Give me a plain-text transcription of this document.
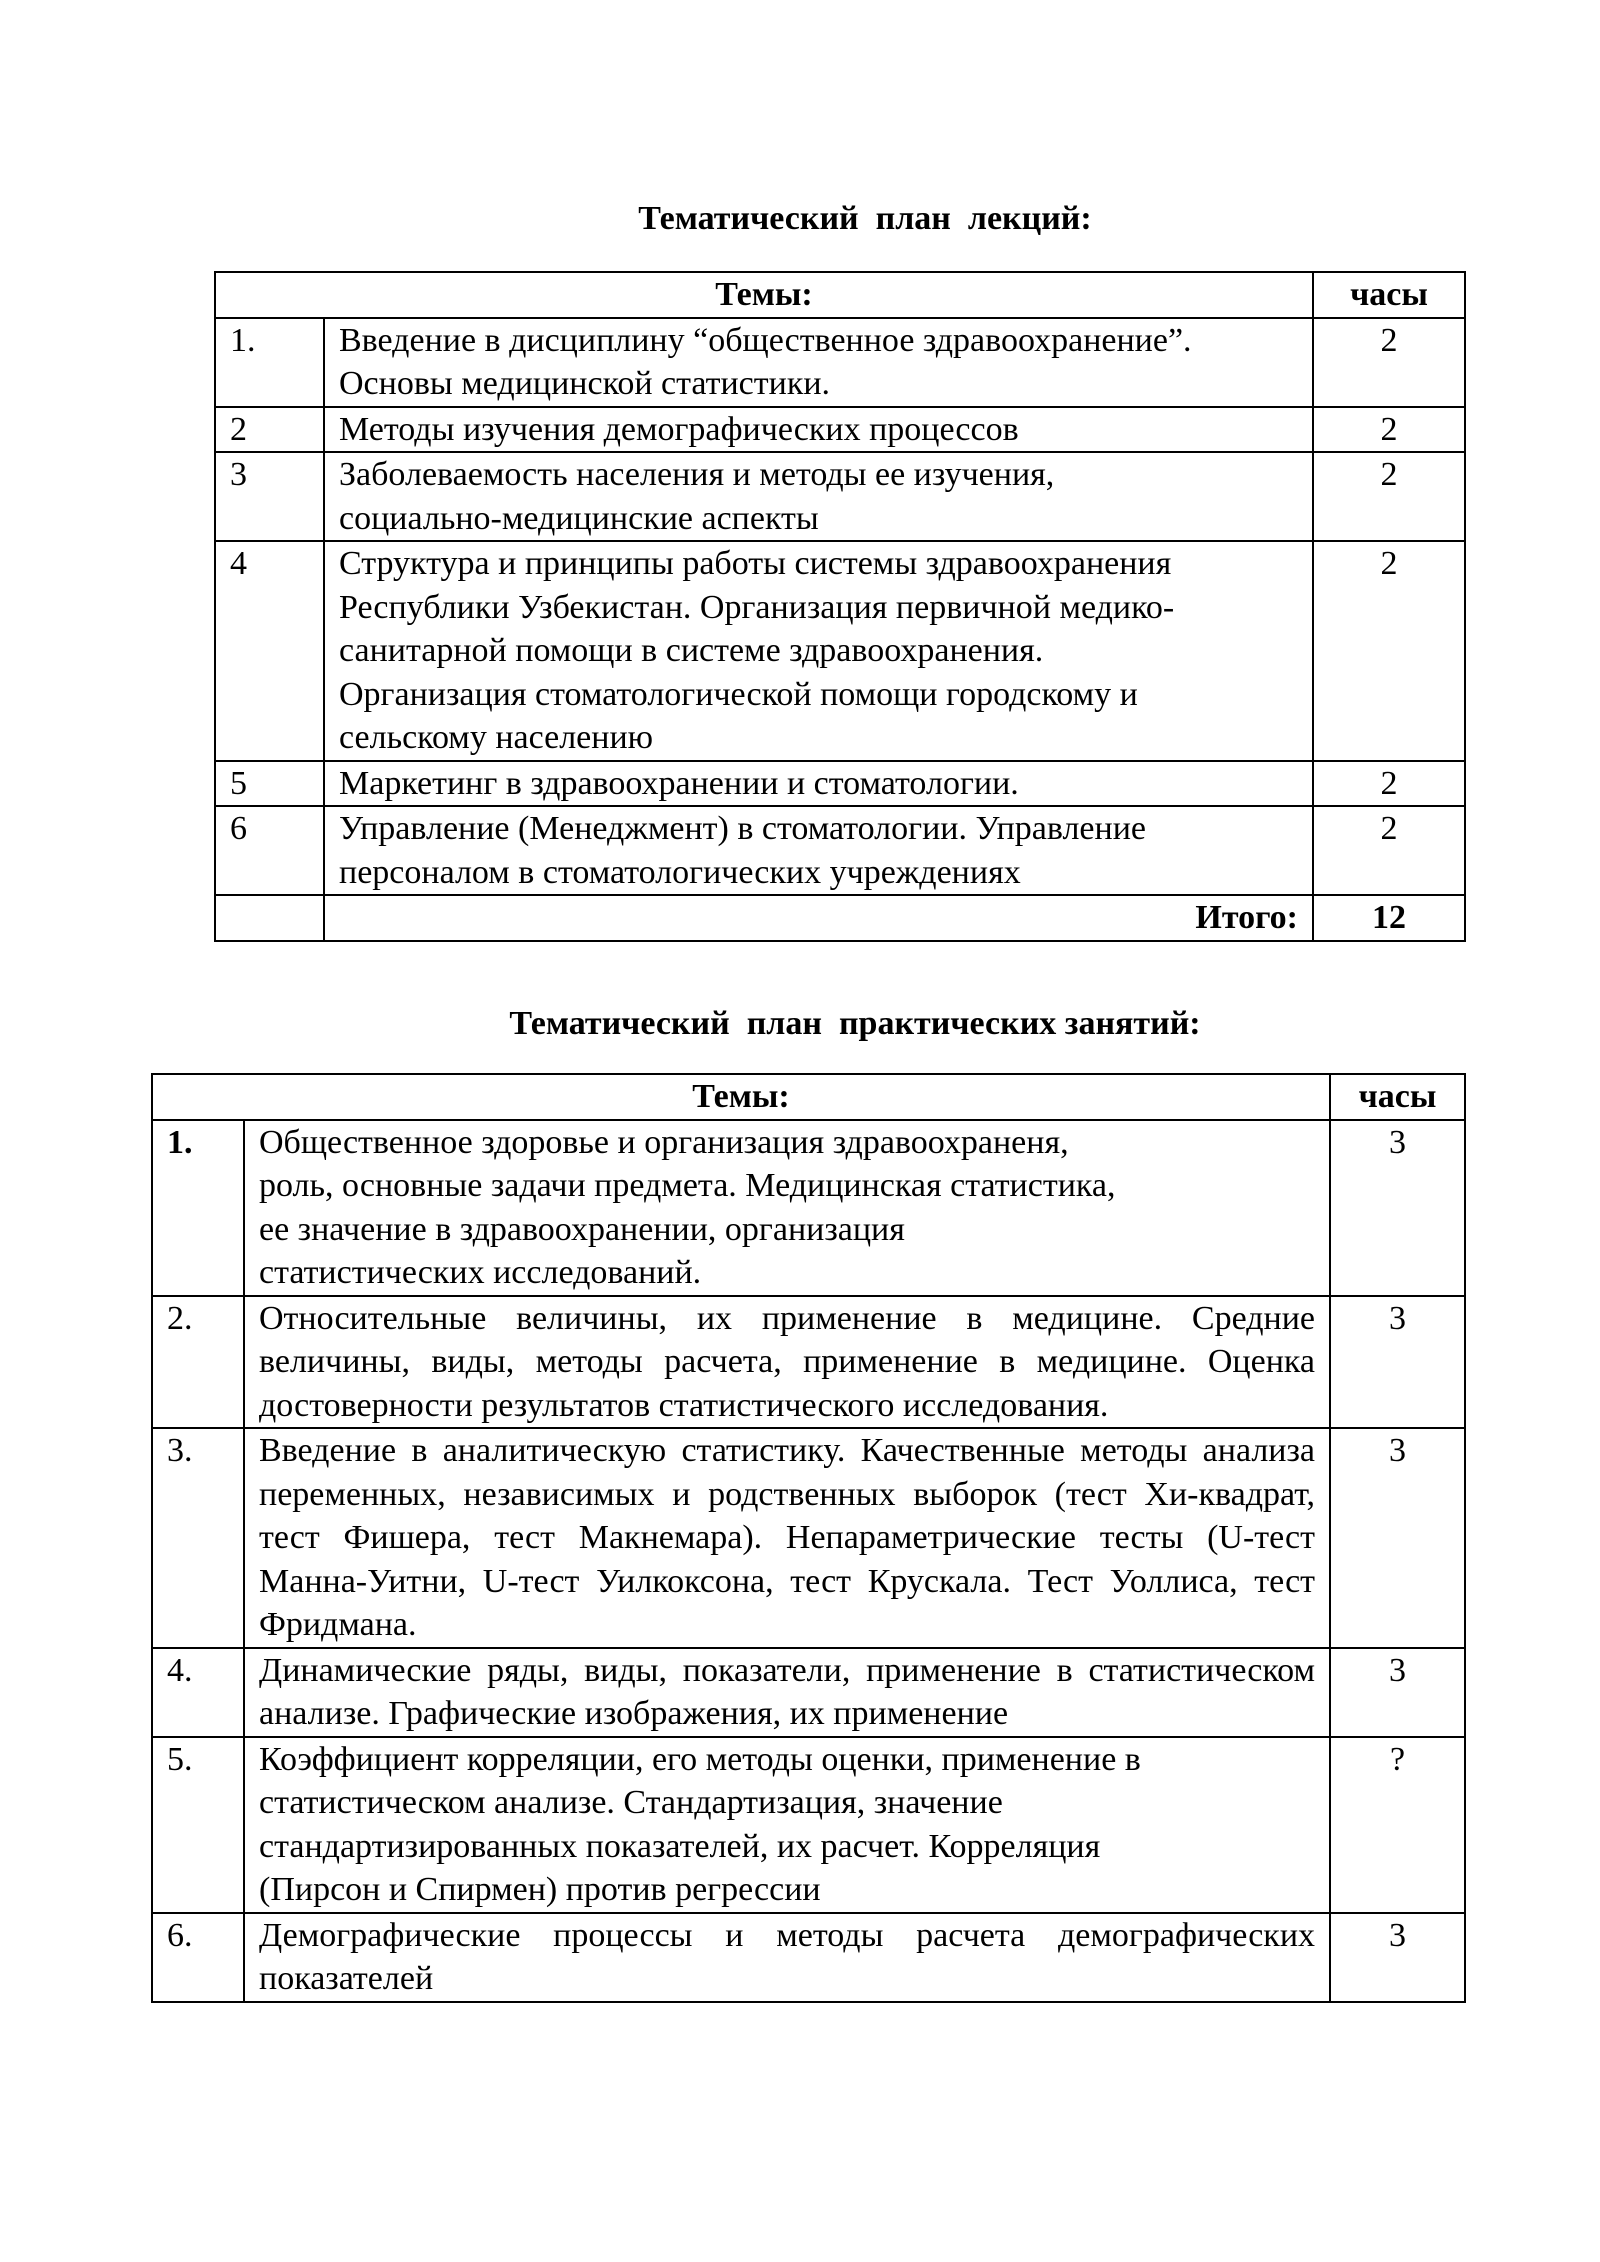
Тематический  план  лекций:
Темы:		часы
1.	Введение в дисциплину “общественное здравоохранение”.
Основы медицинской статистики.	2
2	Методы изучения демографических процессов	2
3	Заболеваемость населения и методы ее изучения,
социально-медицинские аспекты	2
4	Структура и принципы работы системы здравоохранения
Республики Узбекистан. Организация первичной медико-
санитарной помощи в системе здравоохранения.
Организация стоматологической помощи городскому и
сельскому населению	2
5	Маркетинг в здравоохранении и стоматологии.	2
6	Управление (Менеджмент) в стоматологии. Управление
персоналом в стоматологических учреждениях	2
	Итого:	12
Тематический  план  практических занятий:
Темы:		часы
1.	Общественное здоровье и организация здравоохраненя,
роль, основные задачи предмета. Медицинская статистика,
ее значение в здравоохранении, организация
статистических исследований.	3
2.	Относительные величины, их применение в медицине. Средние величины, виды, методы расчета, применение в медицине. Оценка достоверности результатов статистического исследования.	3
3.	Введение в аналитическую статистику. Качественные методы анализа переменных, независимых и родственных выборок (тест Хи-квадрат, тест Фишера, тест Макнемара). Непараметрические тесты (U-тест Манна-Уитни, U-тест Уилкоксона, тест Крускала. Тест Уоллиса, тест Фридмана.	3
4.	Динамические ряды, виды, показатели, применение в статистическом анализе. Графические изображения, их применение	3
5.	Коэффициент корреляции, его методы оценки, применение в
статистическом анализе. Стандартизация, значение
стандартизированных показателей, их расчет. Корреляция
(Пирсон и Спирмен) против регрессии	?
6.	Демографические процессы и методы расчета демографических показателей	3
